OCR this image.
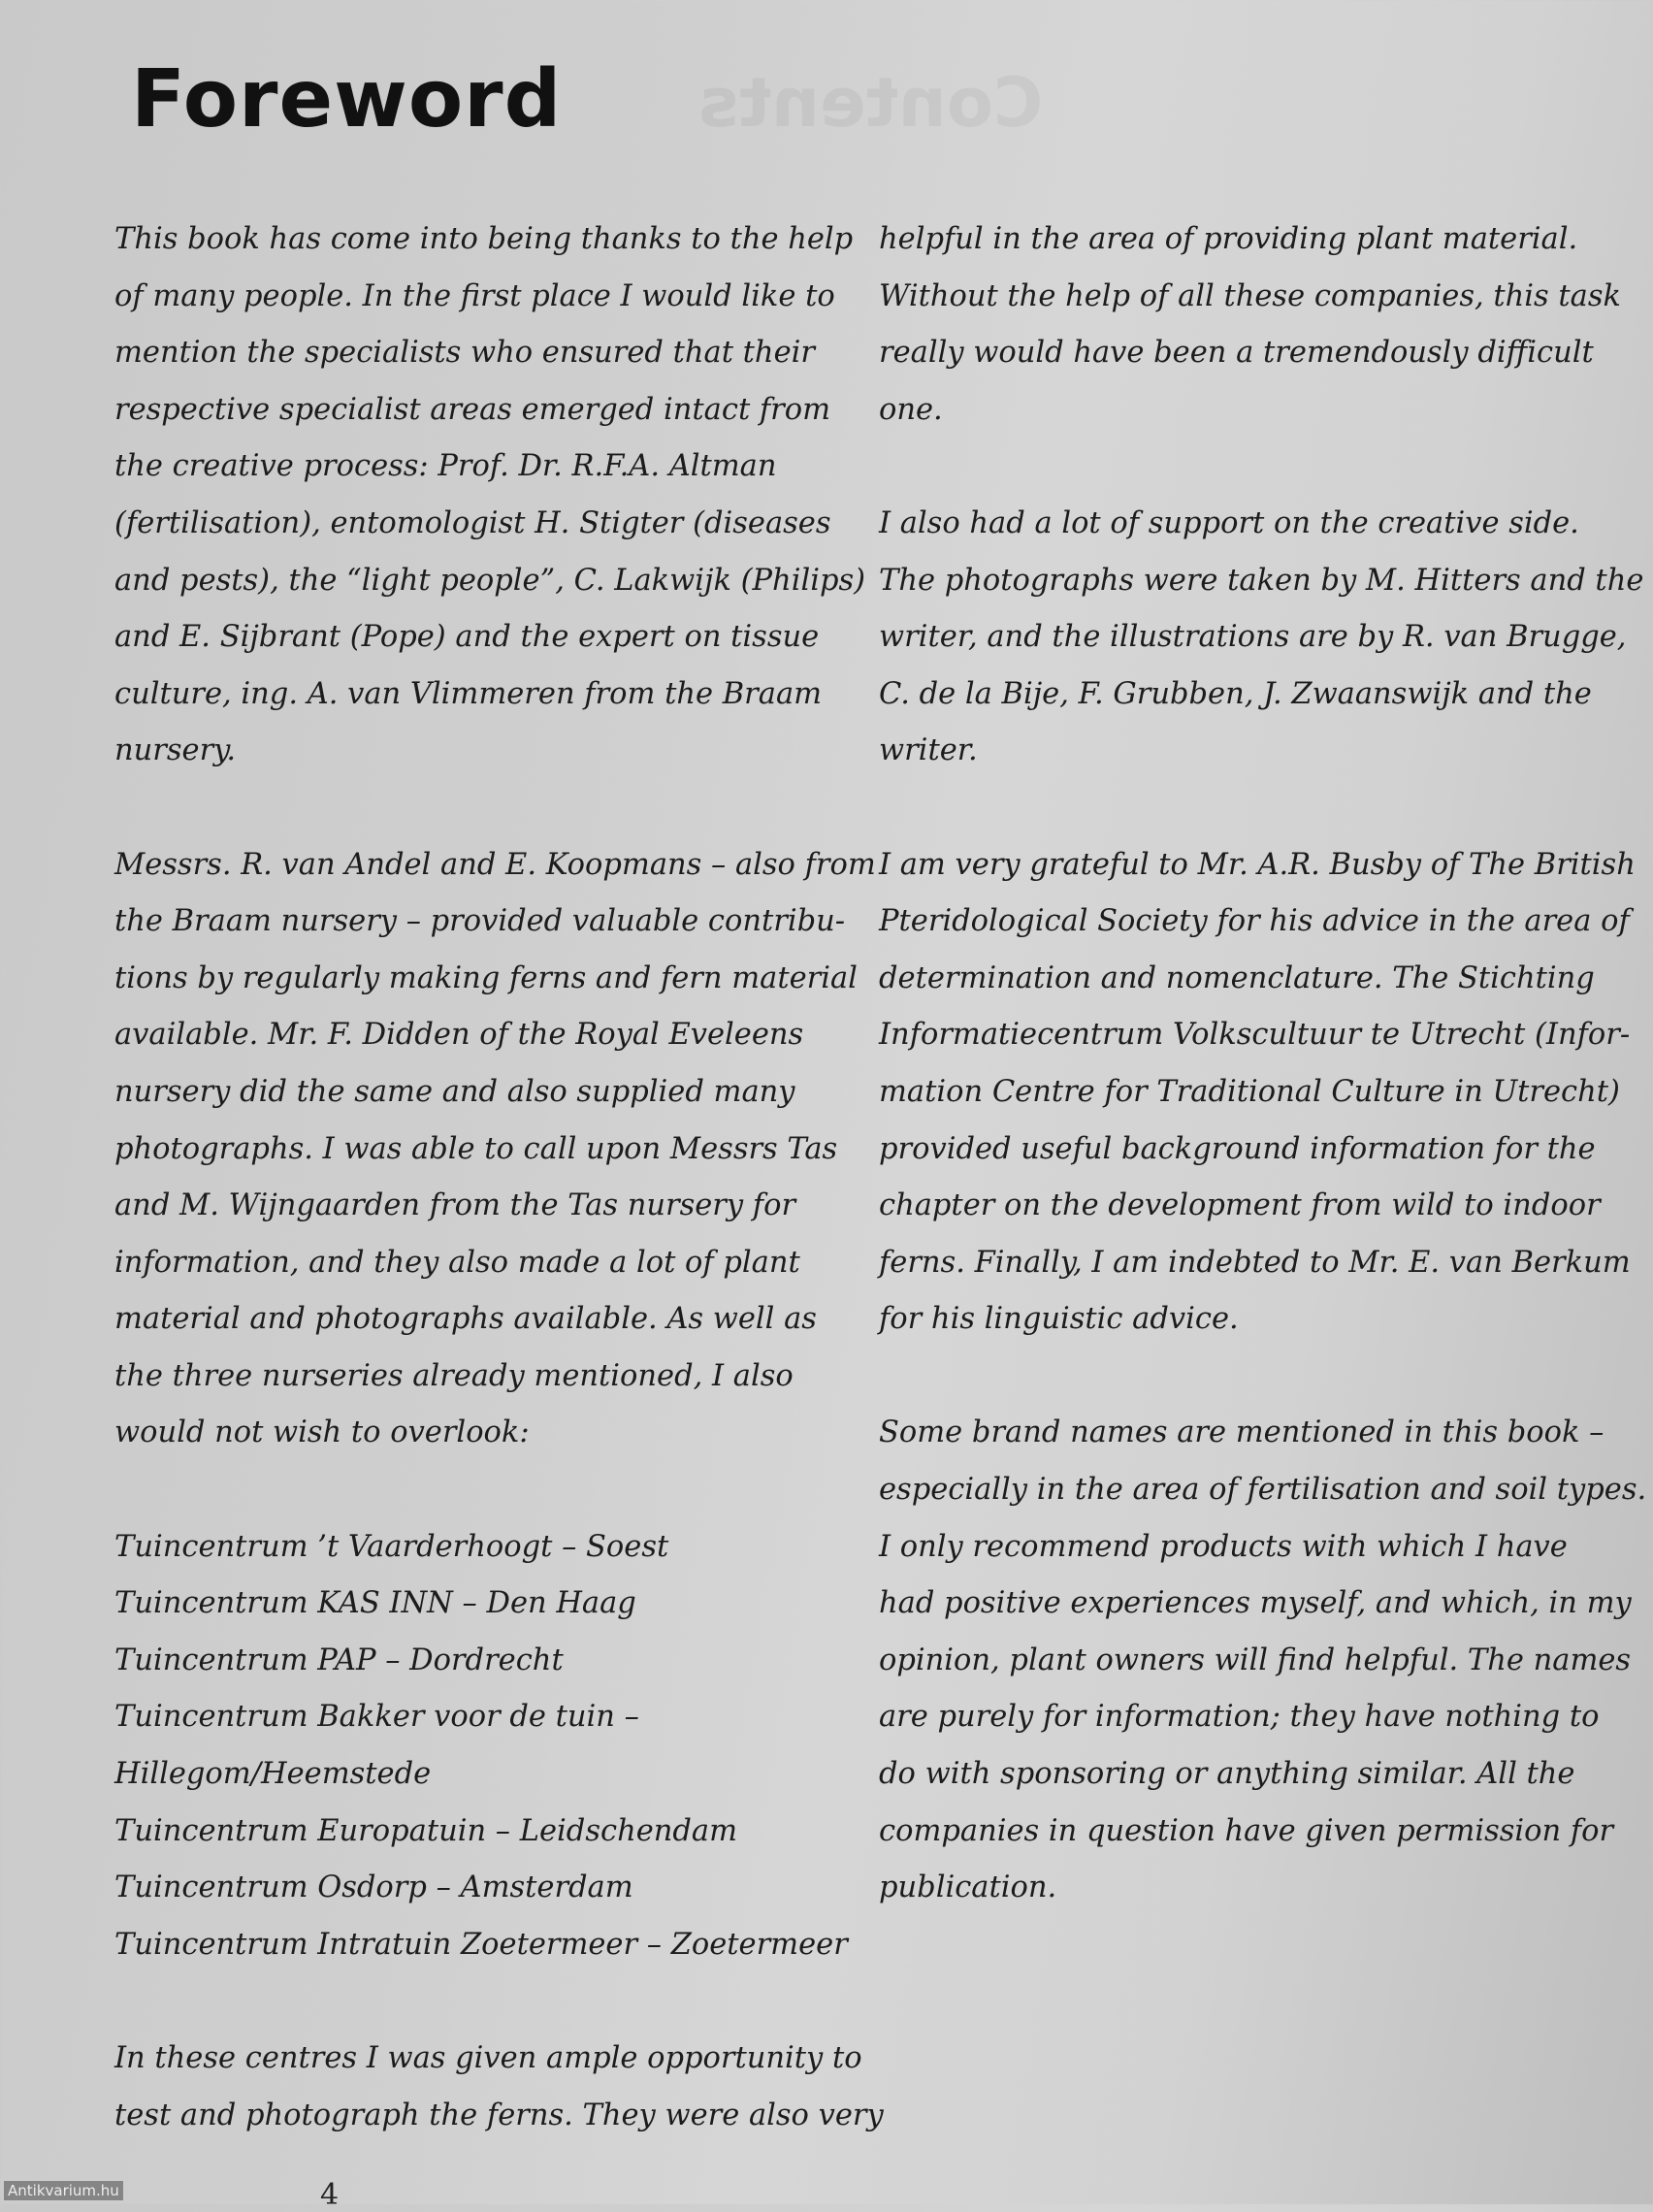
Contents
Foreword

This book has come into being thanks to the help
of many people. In the first place I would like to
mention the specialists who ensured that their
respective specialist areas emerged intact from
the creative process: Prof. Dr. R.F.A. Altman
(fertilisation), entomologist H. Stigter (diseases
and pests), the “light people”, C. Lakwijk (Philips)
and E. Sijbrant (Pope) and the expert on tissue
culture, ing. A. van Vlimmeren from the Braam
nursery.

Messrs. R. van Andel and E. Koopmans – also from
the Braam nursery – provided valuable contribu-
tions by regularly making ferns and fern material
available. Mr. F. Didden of the Royal Eveleens
nursery did the same and also supplied many
photographs. I was able to call upon Messrs Tas
and M. Wijngaarden from the Tas nursery for
information, and they also made a lot of plant
material and photographs available. As well as
the three nurseries already mentioned, I also
would not wish to overlook:

Tuincentrum ’t Vaarderhoogt – Soest
Tuincentrum KAS INN – Den Haag
Tuincentrum PAP – Dordrecht
Tuincentrum Bakker voor de tuin –
Hillegom/Heemstede
Tuincentrum Europatuin – Leidschendam
Tuincentrum Osdorp – Amsterdam
Tuincentrum Intratuin Zoetermeer – Zoetermeer

In these centres I was given ample opportunity to
test and photograph the ferns. They were also very

helpful in the area of providing plant material.
Without the help of all these companies, this task
really would have been a tremendously difficult
one.

I also had a lot of support on the creative side.
The photographs were taken by M. Hitters and the
writer, and the illustrations are by R. van Brugge,
C. de la Bije, F. Grubben, J. Zwaanswijk and the
writer.

I am very grateful to Mr. A.R. Busby of The British
Pteridological Society for his advice in the area of
determination and nomenclature. The Stichting
Informatiecentrum Volkscultuur te Utrecht (Infor-
mation Centre for Traditional Culture in Utrecht)
provided useful background information for the
chapter on the development from wild to indoor
ferns. Finally, I am indebted to Mr. E. van Berkum
for his linguistic advice.

Some brand names are mentioned in this book –
especially in the area of fertilisation and soil types.
I only recommend products with which I have
had positive experiences myself, and which, in my
opinion, plant owners will find helpful. The names
are purely for information; they have nothing to
do with sponsoring or anything similar. All the
companies in question have given permission for
publication.

4
Antikvarium.hu
